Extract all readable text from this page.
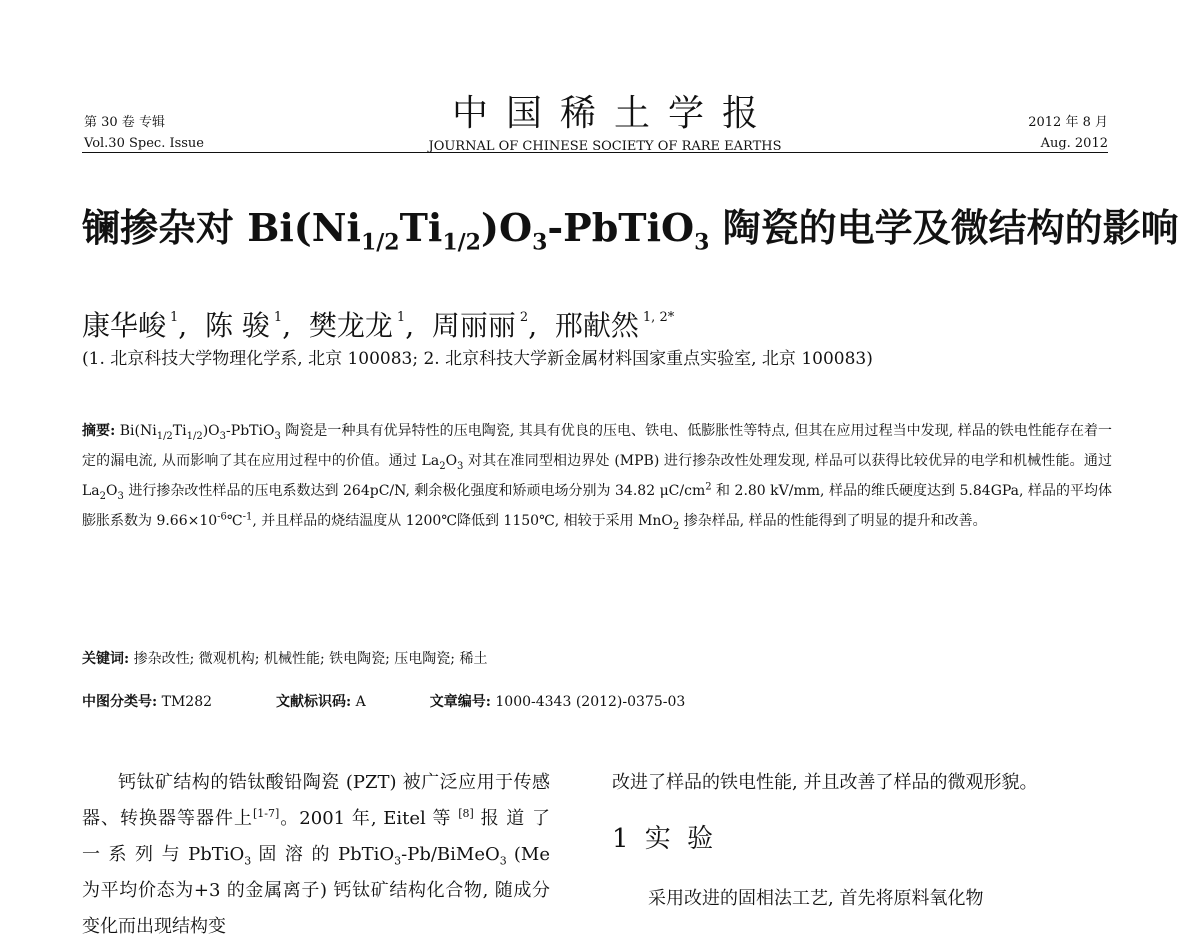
第 30 卷 专辑
Vol.30 Spec. Issue
中国稀土学报
JOURNAL OF CHINESE SOCIETY OF RARE EARTHS
2012 年 8 月
Aug. 2012
镧掺杂对 $Bi(Ni_{1/2}Ti_{1/2})O_3-PbTiO_3$ 陶瓷的电学及微结构的影响
康华峻 $^1$,  陈 骏 $^1$,  樊龙龙 $^1$,  周丽丽 $^2$,  邢献然 $^{1, 2*}$
(1. 北京科技大学物理化学系, 北京 100083; 2. 北京科技大学新金属材料国家重点实验室, 北京 100083)
摘要: $Bi(Ni_{1/2}Ti_{1/2})O_3-PbTiO_3$ 陶瓷是一种具有优异特性的压电陶瓷, 其具有优良的压电、铁电、低膨胀性等特点, 但其在应用过程当中发现, 样品的铁电性能存在着一定的漏电流, 从而影响了其在应用过程中的价值。通过 $La_2O_3$ 对其在准同型相边界处 (MPB) 进行掺杂改性处理发现, 样品可以获得比较优异的电学和机械性能。通过 $La_2O_3$ 进行掺杂改性样品的压电系数达到 264pC/N, 剩余极化强度和矫顽电场分别为 34.82 $\mu C/cm^2$ 和 2.80 kV/mm, 样品的维氏硬度达到 5.84GPa, 样品的平均体膨胀系数为 $9.66\times 10^{-6}℃^{-1}$, 并且样品的烧结温度从 1200℃降低到 1150℃, 相较于采用 MnO$_2$ 掺杂样品, 样品的性能得到了明显的提升和改善。
关键词: 掺杂改性; 微观机构; 机械性能; 铁电陶瓷; 压电陶瓷; 稀土
中图分类号: TM282	文献标识码: A	文章编号: 1000-4343 (2012)-0375-03

钙钛矿结构的锆钛酸铅陶瓷 (PZT) 被广泛应用于传感器、转换器等器件上[1-7]。2001 年, Eitel 等 [8] 报 道 了 一 系 列 与 PbTiO$_3$ 固 溶 的 PbTiO$_3$-Pb/BiMeO$_3$ (Me 为平均价态为+3 的金属离子) 钙钛矿结构化合物, 随成分变化而出现结构变

改进了样品的铁电性能, 并且改善了样品的微观形貌。

1 实 验

采用改进的固相法工艺, 首先将原料氧化物
